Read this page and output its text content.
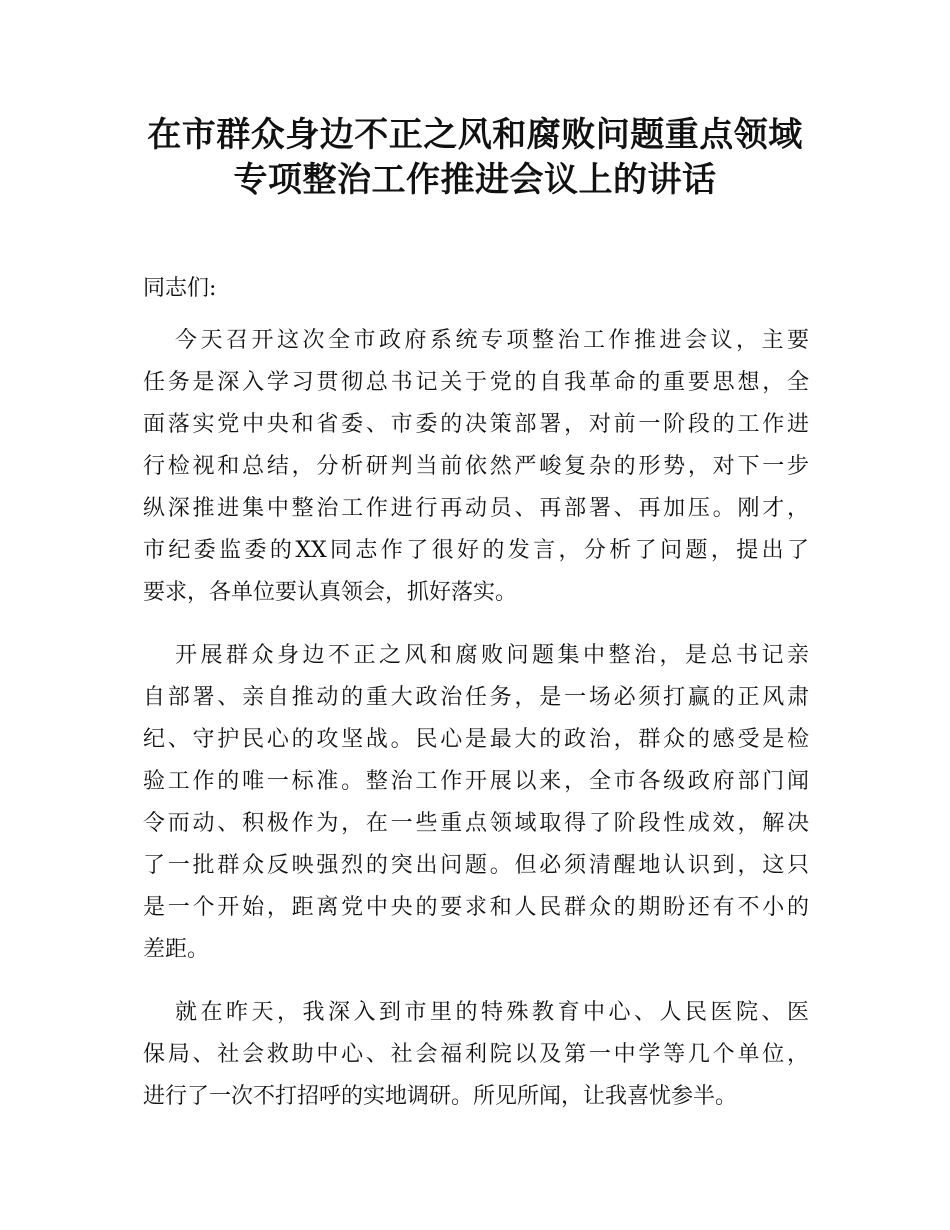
在市群众身边不正之风和腐败问题重点领域
专项整治工作推进会议上的讲话
同志们:
今天召开这次全市政府系统专项整治工作推进会议，主要
任务是深入学习贯彻总书记关于党的自我革命的重要思想，全
面落实党中央和省委、市委的决策部署，对前一阶段的工作进
行检视和总结，分析研判当前依然严峻复杂的形势，对下一步
纵深推进集中整治工作进行再动员、再部署、再加压。刚才，
市纪委监委的XX同志作了很好的发言，分析了问题，提出了
要求，各单位要认真领会，抓好落实。
开展群众身边不正之风和腐败问题集中整治，是总书记亲
自部署、亲自推动的重大政治任务，是一场必须打赢的正风肃
纪、守护民心的攻坚战。民心是最大的政治，群众的感受是检
验工作的唯一标准。整治工作开展以来，全市各级政府部门闻
令而动、积极作为，在一些重点领域取得了阶段性成效，解决
了一批群众反映强烈的突出问题。但必须清醒地认识到，这只
是一个开始，距离党中央的要求和人民群众的期盼还有不小的
差距。
就在昨天，我深入到市里的特殊教育中心、人民医院、医
保局、社会救助中心、社会福利院以及第一中学等几个单位，
进行了一次不打招呼的实地调研。所见所闻，让我喜忧参半。
